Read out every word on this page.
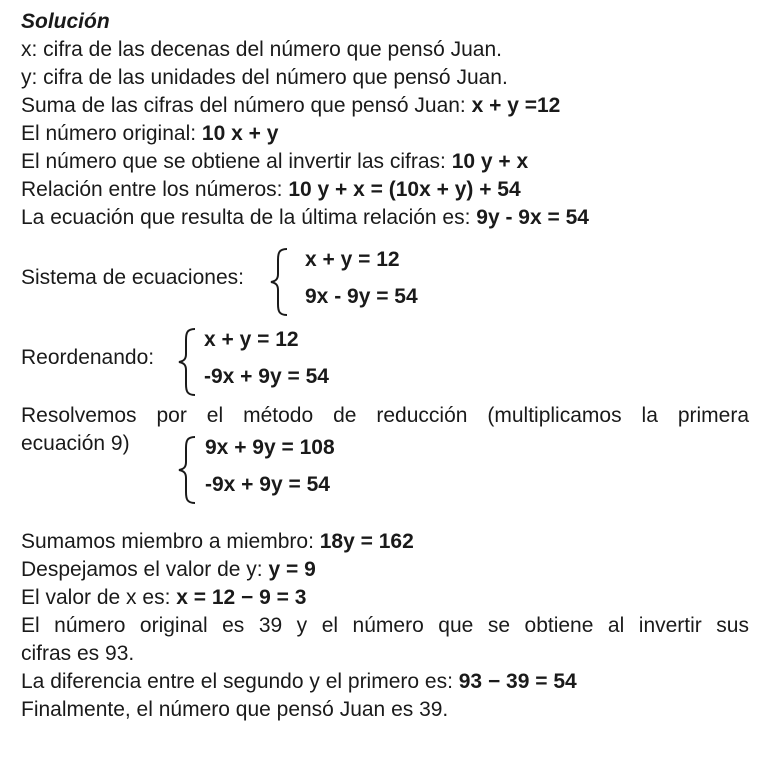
Solución
x: cifra de las decenas del número que pensó Juan.
y: cifra de las unidades del número que pensó Juan.
Suma de las cifras del número que pensó Juan: x + y =12
El número original: 10 x + y
El número que se obtiene al invertir las cifras: 10 y + x
Relación entre los números: 10 y + x = (10x + y) + 54
La ecuación que resulta de la última relación es: 9y - 9x = 54
Sistema de ecuaciones:
x + y = 12
9x - 9y = 54
Reordenando:
x + y = 12
-9x + 9y = 54
Resolvemos por el método de reducción (multiplicamos la primera
ecuación 9)	9x + 9y = 108
-9x + 9y = 54
Sumamos miembro a miembro: 18y = 162
Despejamos el valor de y: y = 9
El valor de x es: x = 12 − 9 = 3
El número original es 39 y el número que se obtiene al invertir sus
cifras es 93.
La diferencia entre el segundo y el primero es: 93 − 39 = 54
Finalmente, el número que pensó Juan es 39.
